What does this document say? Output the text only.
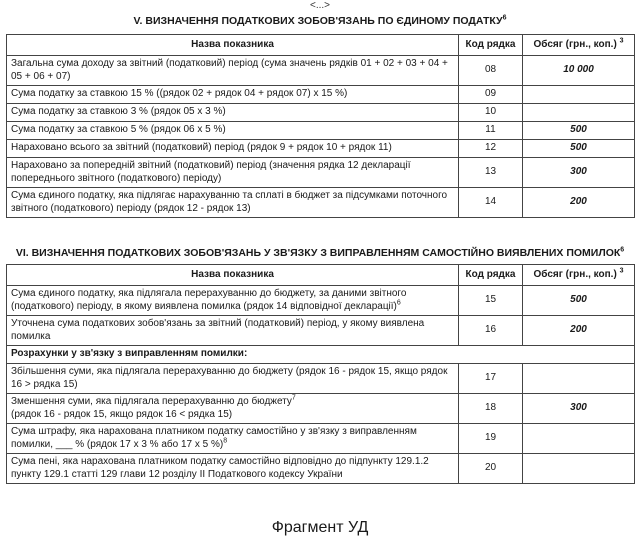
<...>
V. ВИЗНАЧЕННЯ ПОДАТКОВИХ ЗОБОВ'ЯЗАНЬ ПО ЄДИНОМУ ПОДАТКУ$^6$
Назва показника	Код рядка	Обсяг (грн., коп.) $^3$
Загальна сума доходу за звітний (податковий) період (сума значень рядків 01 + 02 + 03 + 04 + 05 + 06 + 07)	08	10 000
Сума податку за ставкою 15 % ((рядок 02 + рядок 04 + рядок 07) х 15 %)	09	
Сума податку за ставкою 3 % (рядок 05 х 3 %)	10	
Сума податку за ставкою 5 % (рядок 06 х 5 %)	11	500
Нараховано всього за звітний (податковий) період (рядок 9 + рядок 10 + рядок 11)	12	500
Нараховано за попередній звітний (податковий) період (значення рядка 12 декларації попереднього звітного (податкового) періоду)	13	300
Сума єдиного податку, яка підлягає нарахуванню та сплаті в бюджет за підсумками поточного звітного (податкового) періоду (рядок 12 - рядок 13)	14	200
VI. ВИЗНАЧЕННЯ ПОДАТКОВИХ ЗОБОВ'ЯЗАНЬ У ЗВ'ЯЗКУ З ВИПРАВЛЕННЯМ САМОСТІЙНО ВИЯВЛЕНИХ ПОМИЛОК$^6$
Назва показника	Код рядка	Обсяг (грн., коп.) $^3$
Сума єдиного податку, яка підлягала перерахуванню до бюджету, за даними звітного (податкового) періоду, в якому виявлена помилка (рядок 14 відповідної декларації)$^6$	15	500
Уточнена сума податкових зобов'язань за звітний (податковий) період, у якому виявлена помилка	16	200
Розрахунки у зв'язку з виправленням помилки:		
Збільшення суми, яка підлягала перерахуванню до бюджету (рядок 16 - рядок 15, якщо рядок 16 > рядка 15)	17	
Зменшення суми, яка підлягала перерахуванню до бюджету$^7$
(рядок 16 - рядок 15, якщо рядок 16 < рядка 15)	18	300
Сума штрафу, яка нарахована платником податку самостійно у зв'язку з виправленням помилки, ___ % (рядок 17 х 3 % або 17 х 5 %)$^8$	19	
Сума пені, яка нарахована платником податку самостійно відповідно до підпункту 129.1.2 пункту 129.1 статті 129 глави 12 розділу II Податкового кодексу України	20	
Фрагмент УД
